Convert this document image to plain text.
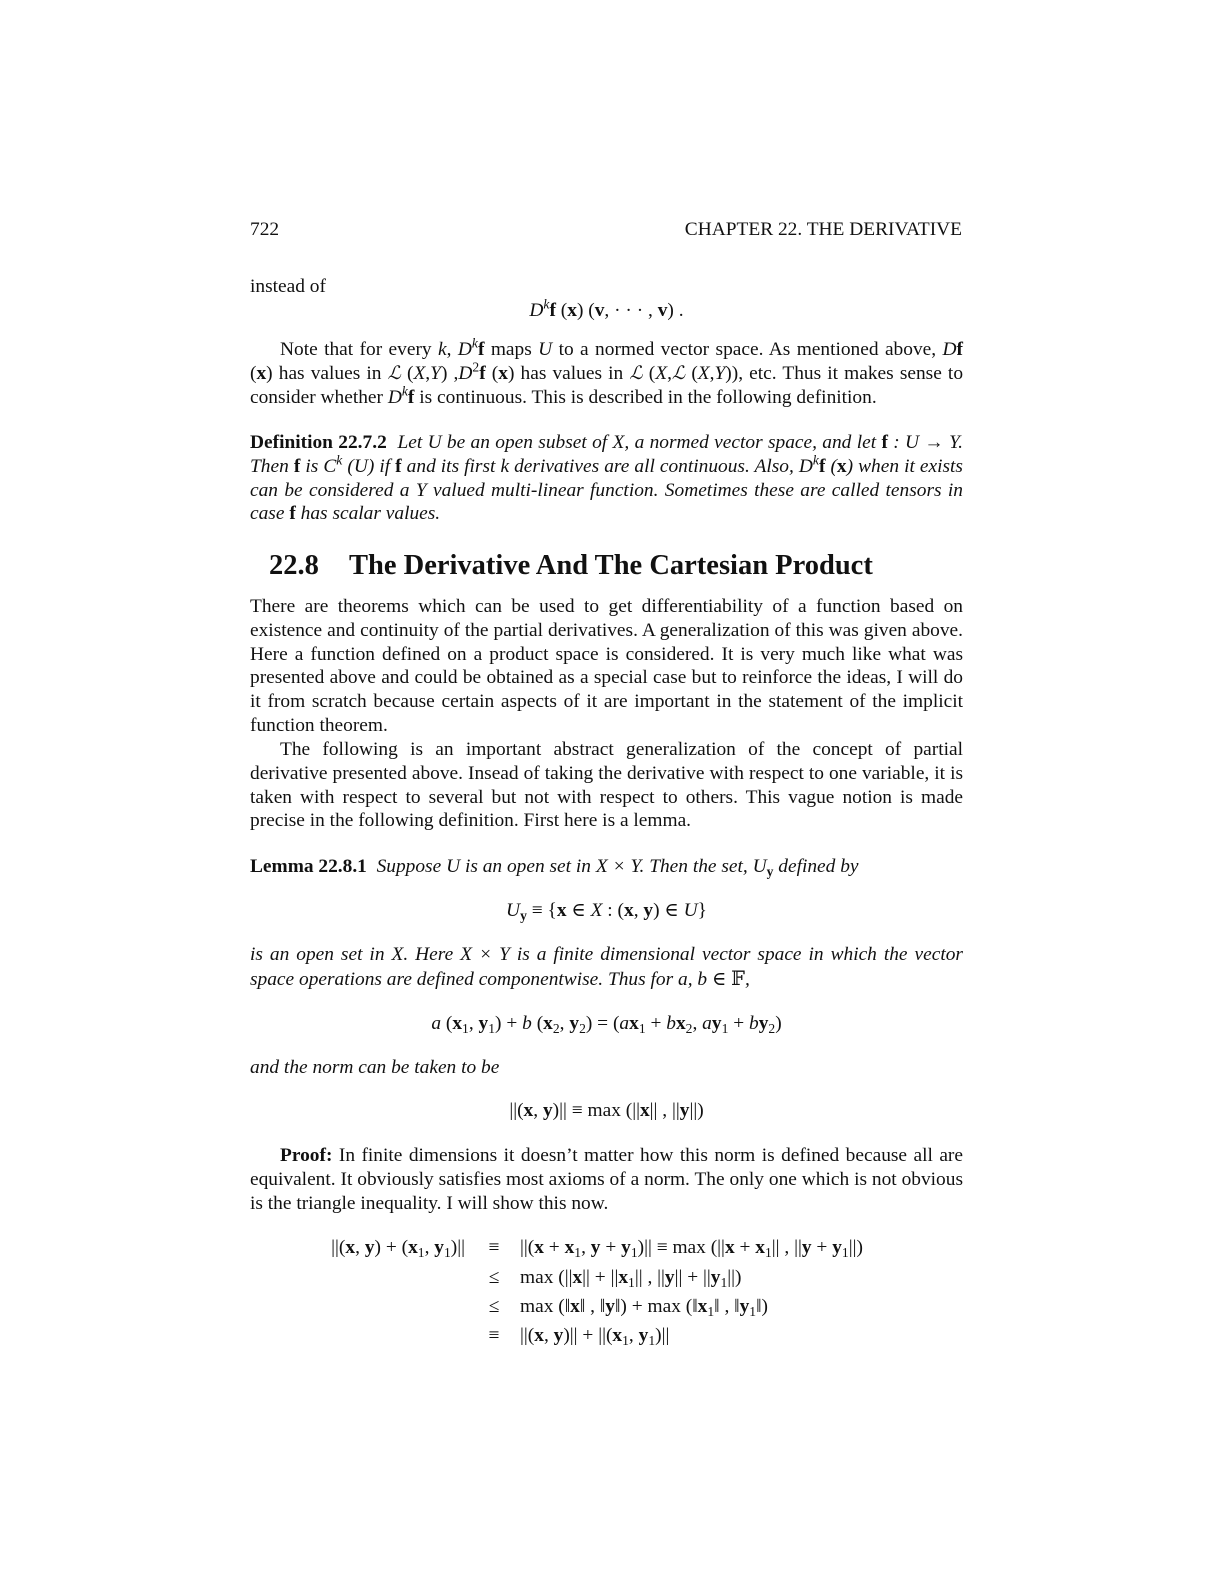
722	CHAPTER 22. THE DERIVATIVE
instead of
$D^kf$ (x) (v, · · · , v) .
Note that for every k, $D^kf$ maps U to a normed vector space. As mentioned above, Df (x) has values in ℒ (X,Y) $,D^2f$ (x) has values in ℒ (X,ℒ (X,Y)), etc. Thus it makes sense to consider whether $D^kf$ is continuous. This is described in the following definition.
Definition 22.7.2 Let U be an open subset of X, a normed vector space, and let f : U → Y. Then f is $C^k$ (U) if f and its first k derivatives are all continuous. Also, $D^kf$ (x) when it exists can be considered a Y valued multi-linear function. Sometimes these are called tensors in case f has scalar values.
22.8 The Derivative And The Cartesian Product
There are theorems which can be used to get differentiability of a function based on existence and continuity of the partial derivatives. A generalization of this was given above. Here a function defined on a product space is considered. It is very much like what was presented above and could be obtained as a special case but to reinforce the ideas, I will do it from scratch because certain aspects of it are important in the statement of the implicit function theorem.
The following is an important abstract generalization of the concept of partial derivative presented above. Insead of taking the derivative with respect to one variable, it is taken with respect to several but not with respect to others. This vague notion is made precise in the following definition. First here is a lemma.
Lemma 22.8.1 Suppose U is an open set in X × Y. Then the set, $U_y$ defined by
$U_y \equiv \{x$ ∈ X : (x, y) ∈ U}
is an open set in X. Here X × Y is a finite dimensional vector space in which the vector space operations are defined componentwise. Thus for a, b ∈ 𝔽,
a ($x_1$, $y_1) + b$ ($x_2$, $y_2) = (ax_1 + bx_2$, $ay_1 + by_2$)
and the norm can be taken to be
||(x, y)|| ≡ max (||x|| , ||y||)
Proof: In finite dimensions it doesn’t matter how this norm is defined because all are equivalent. It obviously satisfies most axioms of a norm. The only one which is not obvious is the triangle inequality. I will show this now.
||(x, $y) + (x_1$, $y_1)|| \equiv ||(x + x_1$, $y + y_1)|| \equiv \max (||x + x_1||$ , $||y + y_1||$)
≤ $\max (||x|| + ||x_1||$ , $||y|| + ||y_1||$)
≤ max (‖x‖ , ‖y‖) + $\max (‖x_1‖$ , $‖y_1‖$)
≡ ||(x, $y)|| + ||(x_1$, $y_1)||$
